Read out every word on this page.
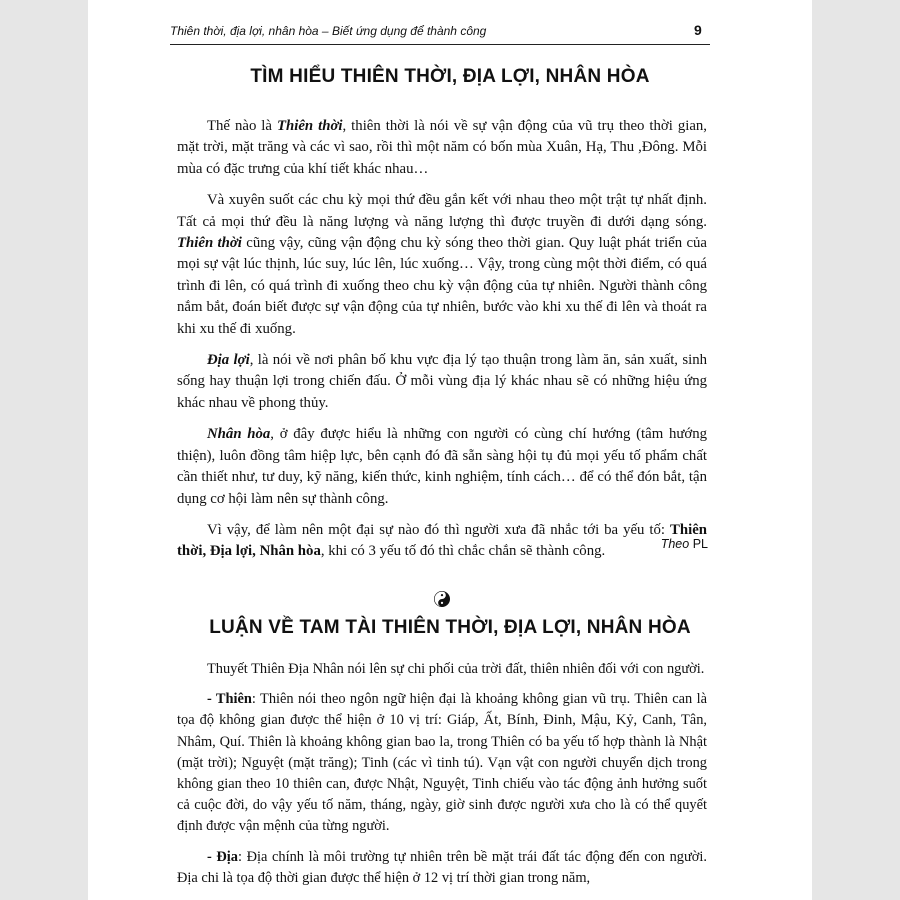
Thiên thời, địa lợi, nhân hòa – Biết ứng dụng để thành công	9
TÌM HIỂU THIÊN THỜI, ĐỊA LỢI, NHÂN HÒA

Thế nào là Thiên thời, thiên thời là nói về sự vận động của vũ trụ theo thời gian, mặt trời, mặt trăng và các vì sao, rồi thì một năm có bốn mùa Xuân, Hạ, Thu ,Đông. Mỗi mùa có đặc trưng của khí tiết khác nhau…

Và xuyên suốt các chu kỳ mọi thứ đều gắn kết với nhau theo một trật tự nhất định. Tất cả mọi thứ đều là năng lượng và năng lượng thì được truyền đi dưới dạng sóng. Thiên thời cũng vậy, cũng vận động chu kỳ sóng theo thời gian. Quy luật phát triển của mọi sự vật lúc thịnh, lúc suy, lúc lên, lúc xuống… Vậy, trong cùng một thời điểm, có quá trình đi lên, có quá trình đi xuống theo chu kỳ vận động của tự nhiên. Người thành công nắm bắt, đoán biết được sự vận động của tự nhiên, bước vào khi xu thế đi lên và thoát ra khi xu thế đi xuống.

Địa lợi, là nói về nơi phân bố khu vực địa lý tạo thuận trong làm ăn, sản xuất, sinh sống hay thuận lợi trong chiến đấu. Ở mỗi vùng địa lý khác nhau sẽ có những hiệu ứng khác nhau về phong thủy.

Nhân hòa, ở đây được hiểu là những con người có cùng chí hướng (tâm hướng thiện), luôn đồng tâm hiệp lực, bên cạnh đó đã sẵn sàng hội tụ đủ mọi yếu tố phẩm chất cần thiết như, tư duy, kỹ năng, kiến thức, kinh nghiệm, tính cách… để có thể đón bắt, tận dụng cơ hội làm nên sự thành công.

Vì vậy, để làm nên một đại sự nào đó thì người xưa đã nhắc tới ba yếu tố: Thiên thời, Địa lợi, Nhân hòa, khi có 3 yếu tố đó thì chắc chắn sẽ thành công.	Theo PL
LUẬN VỀ TAM TÀI THIÊN THỜI, ĐỊA LỢI, NHÂN HÒA

Thuyết Thiên Địa Nhân nói lên sự chi phối của trời đất, thiên nhiên đối với con người.

- Thiên: Thiên nói theo ngôn ngữ hiện đại là khoảng không gian vũ trụ. Thiên can là tọa độ không gian được thể hiện ở 10 vị trí: Giáp, Ất, Bính, Đinh, Mậu, Kỷ, Canh, Tân, Nhâm, Quí. Thiên là khoảng không gian bao la, trong Thiên có ba yếu tố hợp thành là Nhật (mặt trời); Nguyệt (mặt trăng); Tinh (các vì tinh tú). Vạn vật con người chuyển dịch trong không gian theo 10 thiên can, được Nhật, Nguyệt, Tinh chiếu vào tác động ảnh hưởng suốt cả cuộc đời, do vậy yếu tố năm, tháng, ngày, giờ sinh được người xưa cho là có thể quyết định được vận mệnh của từng người.

- Địa: Địa chính là môi trường tự nhiên trên bề mặt trái đất tác động đến con người. Địa chi là tọa độ thời gian được thể hiện ở 12 vị trí thời gian trong năm,
